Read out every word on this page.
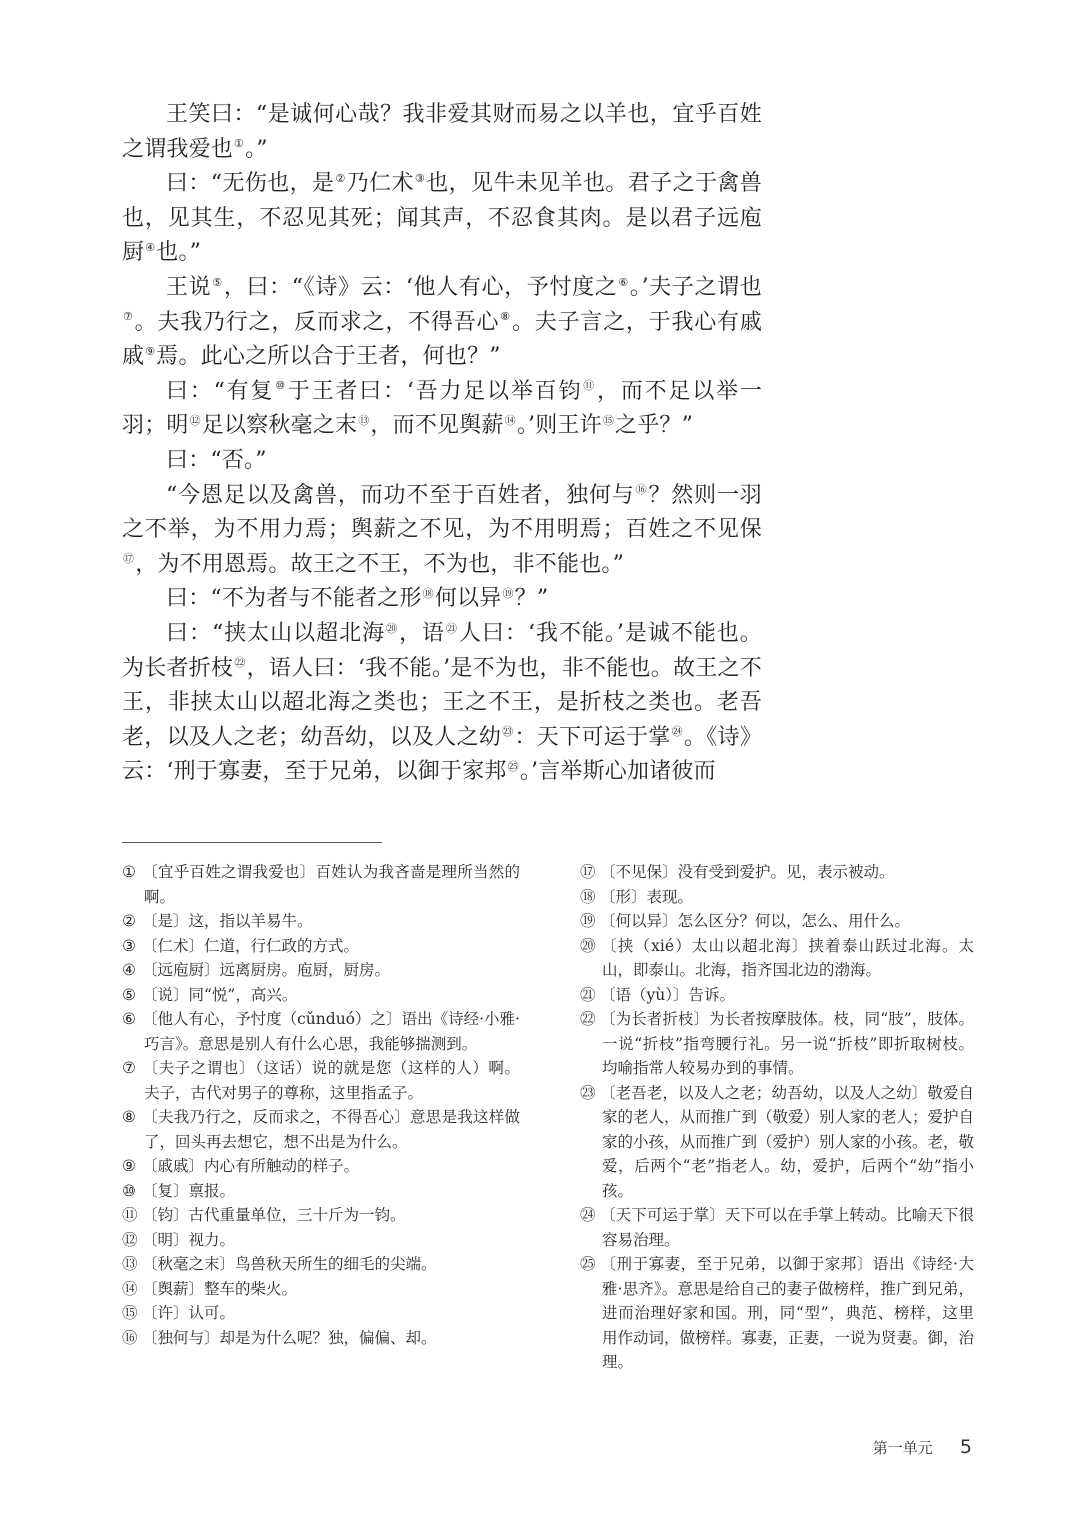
王笑曰：“是诚何心哉？我非爱其财而易之以羊也，宜乎百姓之谓我爱也①。”

曰：“无伤也，是②乃仁术③也，见牛未见羊也。君子之于禽兽也，见其生，不忍见其死；闻其声，不忍食其肉。是以君子远庖厨④也。”

王说⑤，曰：“《诗》云：‘他人有心，予忖度之⑥。’夫子之谓也⑦。夫我乃行之，反而求之，不得吾心⑧。夫子言之，于我心有戚戚⑨焉。此心之所以合于王者，何也？”

曰：“有复⑩于王者曰：‘吾力足以举百钧⑪，而不足以举一羽；明⑫足以察秋毫之末⑬，而不见舆薪⑭。’则王许⑮之乎？”

曰：“否。”

“今恩足以及禽兽，而功不至于百姓者，独何与⑯？然则一羽之不举，为不用力焉；舆薪之不见，为不用明焉；百姓之不见保⑰，为不用恩焉。故王之不王，不为也，非不能也。”

曰：“不为者与不能者之形⑱何以异⑲？”

曰：“挟太山以超北海⑳，语$^㉑$人曰：‘我不能。’是诚不能也。为长者折枝$^㉒$，语人曰：‘我不能。’是不为也，非不能也。故王之不王，非挟太山以超北海之类也；王之不王，是折枝之类也。老吾老，以及人之老；幼吾幼，以及人之幼$^㉓$：天下可运于掌$^㉔$。《诗》云：‘刑于寡妻，至于兄弟，以御于家邦$^㉕$。’言举斯心加诸彼而

① 〔宜乎百姓之谓我爱也〕百姓认为我吝啬是理所当然的啊。
② 〔是〕这，指以羊易牛。
③ 〔仁术〕仁道，行仁政的方式。
④ 〔远庖厨〕远离厨房。庖厨，厨房。
⑤ 〔说〕同“悦”，高兴。
⑥ 〔他人有心，予忖度（cǔnduó）之〕语出《诗经·小雅·巧言》。意思是别人有什么心思，我能够揣测到。
⑦ 〔夫子之谓也〕（这话）说的就是您（这样的人）啊。夫子，古代对男子的尊称，这里指孟子。
⑧ 〔夫我乃行之，反而求之，不得吾心〕意思是我这样做了，回头再去想它，想不出是为什么。
⑨ 〔戚戚〕内心有所触动的样子。
⑩ 〔复〕禀报。
⑪ 〔钧〕古代重量单位，三十斤为一钧。
⑫ 〔明〕视力。
⑬ 〔秋毫之末〕鸟兽秋天所生的细毛的尖端。
⑭ 〔舆薪〕整车的柴火。
⑮ 〔许〕认可。
⑯ 〔独何与〕却是为什么呢？独，偏偏、却。
⑰ 〔不见保〕没有受到爱护。见，表示被动。
⑱ 〔形〕表现。
⑲ 〔何以异〕怎么区分？何以，怎么、用什么。
⑳ 〔挟（xié）太山以超北海〕挟着泰山跃过北海。太山，即泰山。北海，指齐国北边的渤海。
㉑ 〔语（yù）〕告诉。
㉒ 〔为长者折枝〕为长者按摩肢体。枝，同“肢”，肢体。一说“折枝”指弯腰行礼。另一说“折枝”即折取树枝。均喻指常人较易办到的事情。
㉓ 〔老吾老，以及人之老；幼吾幼，以及人之幼〕敬爱自家的老人，从而推广到（敬爱）别人家的老人；爱护自家的小孩，从而推广到（爱护）别人家的小孩。老，敬爱，后两个“老”指老人。幼，爱护，后两个“幼”指小孩。
㉔ 〔天下可运于掌〕天下可以在手掌上转动。比喻天下很容易治理。
㉕ 〔刑于寡妻，至于兄弟，以御于家邦〕语出《诗经·大雅·思齐》。意思是给自己的妻子做榜样，推广到兄弟，进而治理好家和国。刑，同“型”，典范、榜样，这里用作动词，做榜样。寡妻，正妻，一说为贤妻。御，治理。
第一单元 5
